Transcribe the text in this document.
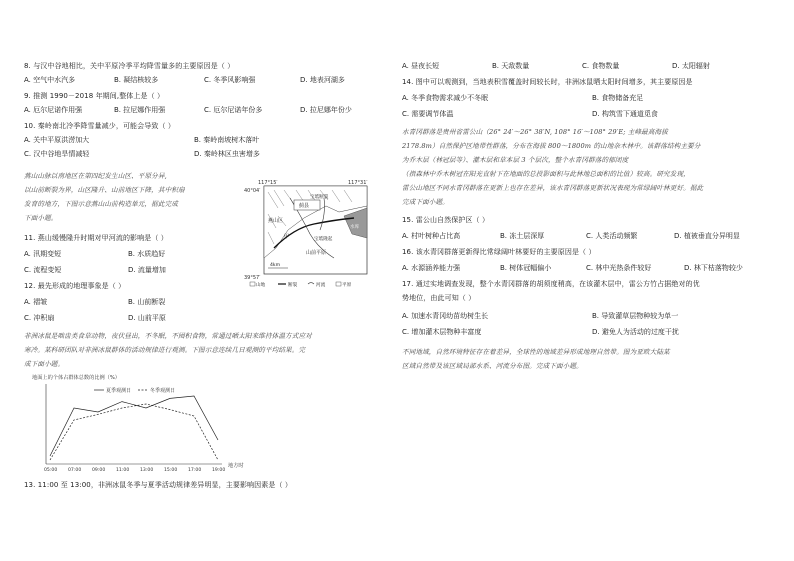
8. 与汉中谷地相比，关中平原冷季平均降雪量多的主要原因是（ ）
A. 空气中水汽多	B. 凝结核较多	C. 冬季风影响强	D. 地表河湖多
9. 推测 1990－2018 年期间,整体上是（ ）
A. 厄尔尼诺作用强	B. 拉尼娜作用强	C. 厄尔尼诺年份多	D. 拉尼娜年份少
10. 秦岭南北冷季降雪量减少，可能会导致（ ）
A. 关中平原洪涝加大	B. 秦岭南坡树木落叶
C. 汉中谷地旱情减轻	D. 秦岭林区虫害增多
燕山山脉以南地区在第四纪发生山区、平原分异,
以山前断裂为界，山区隆升、山前地区下降，其中积扇
发育的地方，下图示意燕山山前构造单元，据此完成
下面小题。
11. 燕山缓慢隆升时期对甲河流的影响是（ ）
A. 汛期变短	B. 水质趋好
C. 流程变短	D. 流量增加
12. 最先形成的地理事象是（ ）
A. 褶皱	B. 山前断裂
C. 冲积扇	D. 山前平原
非洲冰鼠是啮齿类食草动物，夜伏昼出，不冬眠，不囤积食物，常通过晒太阳来维持体温方式应对
寒冷。某科研团队对非洲冰鼠群体的活动规律进行观测。下图示意连续几日观测的平均结果。完
成下面小题。
地面上的个体占群体总数的比例（%）
夏季观测日	冬季观测日
05:00 07:00 09:00 11:00 13:00 15:00 17:00 19:00
地方时
13. 11:00 至 13:00，非洲冰鼠冬季与夏季活动规律差异明显，主要影响因素是（ ）
117°15′	117°31′
40°04′
39°57′
蓟县
燕山区
宝坻断裂
宝坻隆起
山前平原
甲
水库
4km
山地	断裂	河流	平原
A. 昼夜长短	B. 天敌数量	C. 食物数量	D. 太阳辐射
14. 图中可以观测到，当地表积雪覆盖时间较长时，非洲冰鼠晒太阳时间增多，其主要原因是
A. 冬季食物需求减少不冬眠	B. 食物储备充足
C. 需要调节体温	D. 构筑雪下通道觅食
水青冈群落是贵州省雷公山（26° 24′～26° 38′N, 108° 16′～108° 29′E; 主峰最高海拔
2178.8m）自然保护区地带性群落，分布在海拔 800～1800m 的山地杂木林中。该群落结构主要分
为乔木层（林冠层等）、灌木层和草本层 3 个层次，整个水青冈群落的郁闭度
（指森林中乔木树冠在阳光直射下在地面的总投影面积与此林地总面积的比值）较高。研究发现，
雷公山地区不同水青冈群落在更新上也存在差异，该水青冈群落更新状况表现为常绿阔叶林更好。据此
完成下面小题。
15. 雷公山自然保护区（ ）
A. 村叶树种占比高	B. 冻土层深厚	C. 人类活动频繁	D. 植被垂直分异明显
16. 该水青冈群落更新得比常绿阔叶林要好的主要原因是（ ）
A. 水源涵养能力强	B. 树体冠幅偏小	C. 林中光热条件较好	D. 林下枯落物较少
17. 通过实地调查发现，整个水青冈群落的胡须度稍高，在该灌木层中，雷公方竹占据绝对的优
势地位，由此可知（ ）
A. 加速水青冈幼苗幼树生长	B. 导致灌草层物种较为单一
C. 增加灌木层物种丰富度	D. 避免人为活动的过度干扰
不同地域，自然环境特征存在着差异，全球性的地域差异形成地理自然带。图为亚欧大陆某
区域自然带及该区域局部水系、河流分布图。完成下面小题。
